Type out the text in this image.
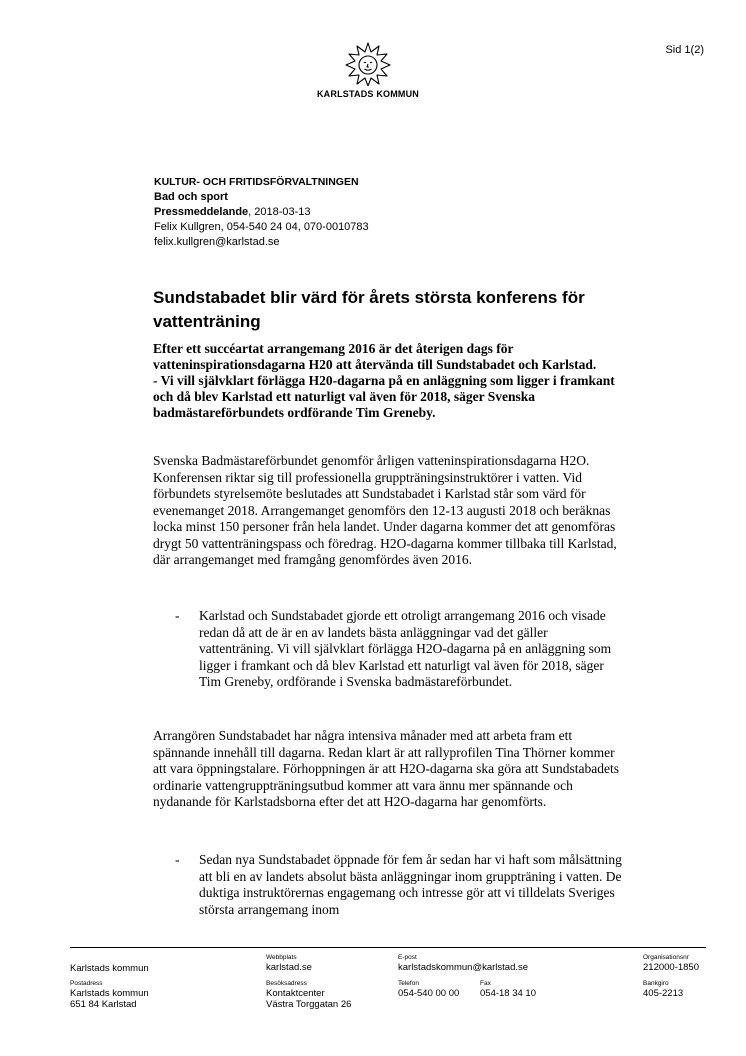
Sid 1(2)
KARLSTADS KOMMUN
KULTUR- OCH FRITIDSFÖRVALTNINGEN
Bad och sport
Pressmeddelande, 2018-03-13
Felix Kullgren, 054-540 24 04, 070-0010783
felix.kullgren@karlstad.se
Sundstabadet blir värd för årets största konferens för vattenträning

Efter ett succéartat arrangemang 2016 är det återigen dags för vatteninspirationsdagarna H20 att återvända till Sundstabadet och Karlstad.

- Vi vill självklart förlägga H20-dagarna på en anläggning som ligger i framkant och då blev Karlstad ett naturligt val även för 2018, säger Svenska badmästareförbundets ordförande Tim Greneby.

Svenska Badmästareförbundet genomför årligen vatteninspirationsdagarna H2O. Konferensen riktar sig till professionella gruppträningsinstruktörer i vatten. Vid förbundets styrelsemöte beslutades att Sundstabadet i Karlstad står som värd för evenemanget 2018. Arrangemanget genomförs den 12-13 augusti 2018 och beräknas locka minst 150 personer från hela landet. Under dagarna kommer det att genomföras drygt 50 vattenträningspass och föredrag. H2O-dagarna kommer tillbaka till Karlstad, där arrangemanget med framgång genomfördes även 2016.

- Karlstad och Sundstabadet gjorde ett otroligt arrangemang 2016 och visade redan då att de är en av landets bästa anläggningar vad det gäller vattenträning. Vi vill självklart förlägga H2O-dagarna på en anläggning som ligger i framkant och då blev Karlstad ett naturligt val även för 2018, säger Tim Greneby, ordförande i Svenska badmästareförbundet.

Arrangören Sundstabadet har några intensiva månader med att arbeta fram ett spännande innehåll till dagarna. Redan klart är att rallyprofilen Tina Thörner kommer att vara öppningstalare. Förhoppningen är att H2O-dagarna ska göra att Sundstabadets ordinarie vattengruppträningsutbud kommer att vara ännu mer spännande och nydanande för Karlstadsborna efter det att H2O-dagarna har genomförts.

- Sedan nya Sundstabadet öppnade för fem år sedan har vi haft som målsättning att bli en av landets absolut bästa anläggningar inom gruppträning i vatten. De duktiga instruktörernas engagemang och intresse gör att vi tilldelats Sveriges största arrangemang inom
Karlstads kommun
Webbplats
karlstad.se
E-post
karlstadskommun@karlstad.se
Organisationsnr
212000-1850
Postadress
Karlstads kommun
651 84 Karlstad
Besöksadress
Kontaktcenter
Västra Torggatan 26
Telefon
054-540 00 00
Fax
054-18 34 10
Bankgiro
405-2213
